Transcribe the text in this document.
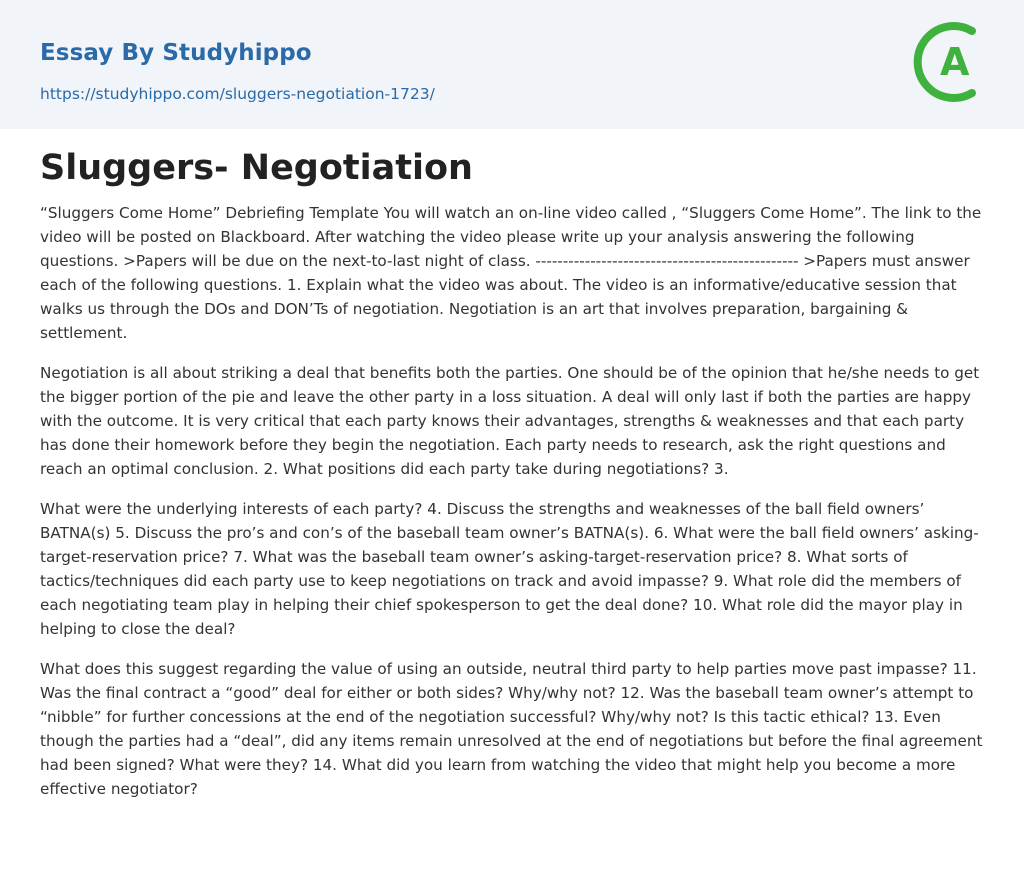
Essay By Studyhippo
https://studyhippo.com/sluggers-negotiation-1723/
A
Sluggers- Negotiation

“Sluggers Come Home” Debriefing Template You will watch an on-line video called , “Sluggers Come Home”. The link to the video will be posted on Blackboard. After watching the video please write up your analysis answering the following questions. >Papers will be due on the next-to-last night of class. ------------------------------------------------ >Papers must answer each of the following questions. 1. Explain what the video was about. The video is an informative/educative session that walks us through the DOs and DON’Ts of negotiation. Negotiation is an art that involves preparation, bargaining & settlement.

Negotiation is all about striking a deal that benefits both the parties. One should be of the opinion that he/she needs to get the bigger portion of the pie and leave the other party in a loss situation. A deal will only last if both the parties are happy with the outcome. It is very critical that each party knows their advantages, strengths & weaknesses and that each party has done their homework before they begin the negotiation. Each party needs to research, ask the right questions and reach an optimal conclusion. 2. What positions did each party take during negotiations? 3.

What were the underlying interests of each party? 4. Discuss the strengths and weaknesses of the ball field owners’ BATNA(s) 5. Discuss the pro’s and con’s of the baseball team owner’s BATNA(s). 6. What were the ball field owners’ asking-target-reservation price? 7. What was the baseball team owner’s asking-target-reservation price? 8. What sorts of tactics/techniques did each party use to keep negotiations on track and avoid impasse? 9. What role did the members of each negotiating team play in helping their chief spokesperson to get the deal done? 10. What role did the mayor play in helping to close the deal?

What does this suggest regarding the value of using an outside, neutral third party to help parties move past impasse? 11. Was the final contract a “good” deal for either or both sides? Why/why not? 12. Was the baseball team owner’s attempt to “nibble” for further concessions at the end of the negotiation successful? Why/why not? Is this tactic ethical? 13. Even though the parties had a “deal”, did any items remain unresolved at the end of negotiations but before the final agreement had been signed? What were they? 14. What did you learn from watching the video that might help you become a more effective negotiator?
